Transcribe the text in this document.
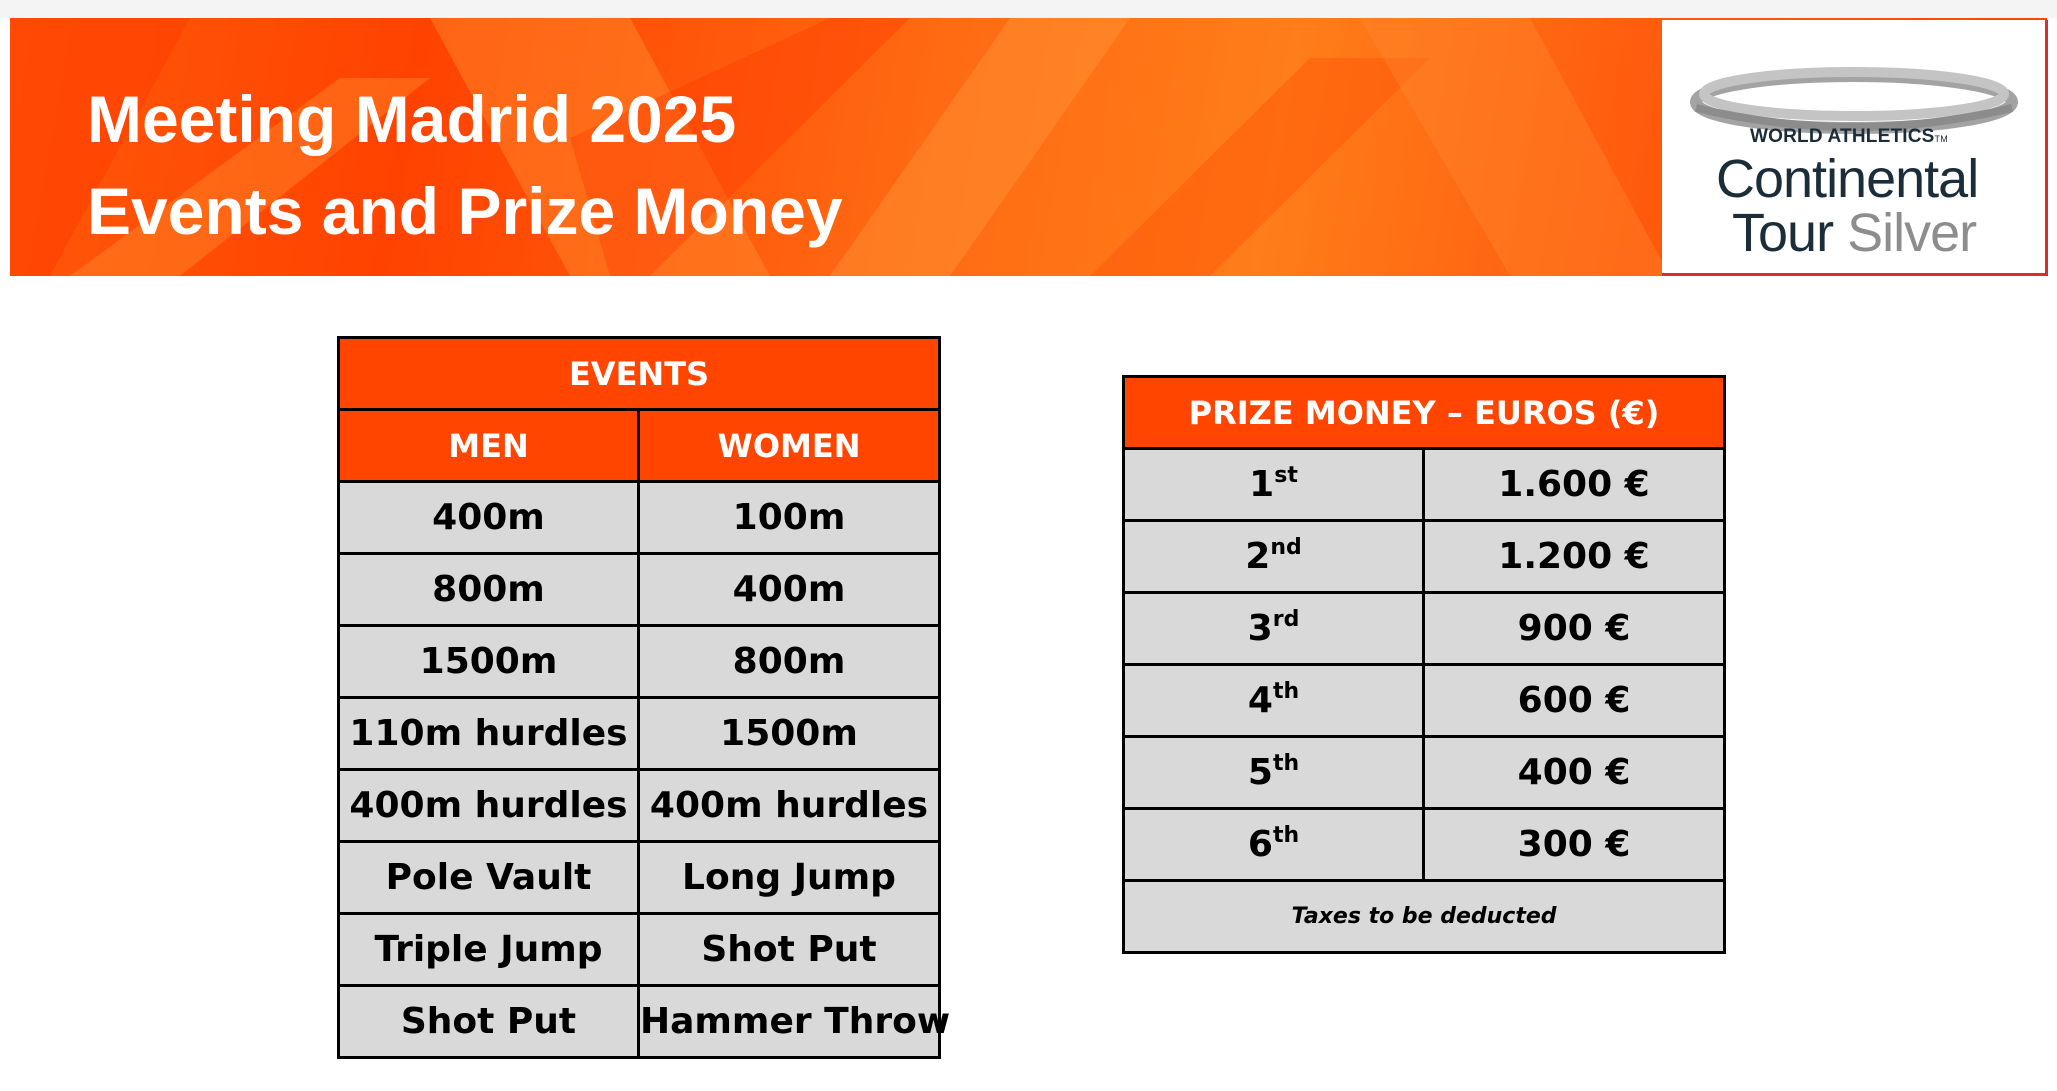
Meeting Madrid 2025
Events and Prize Money
WORLD ATHLETICSTM
Continental
Tour Silver
EVENTS	
MEN	WOMEN
400m	100m
800m	400m
1500m	800m
110m hurdles	1500m
400m hurdles	400m hurdles
Pole Vault	Long Jump
Triple Jump	Shot Put
Shot Put	Hammer Throw
PRIZE MONEY – EUROS (€)	
1st	1.600 €
2nd	1.200 €
3rd	900 €
4th	600 €
5th	400 €
6th	300 €
Taxes to be deducted	
